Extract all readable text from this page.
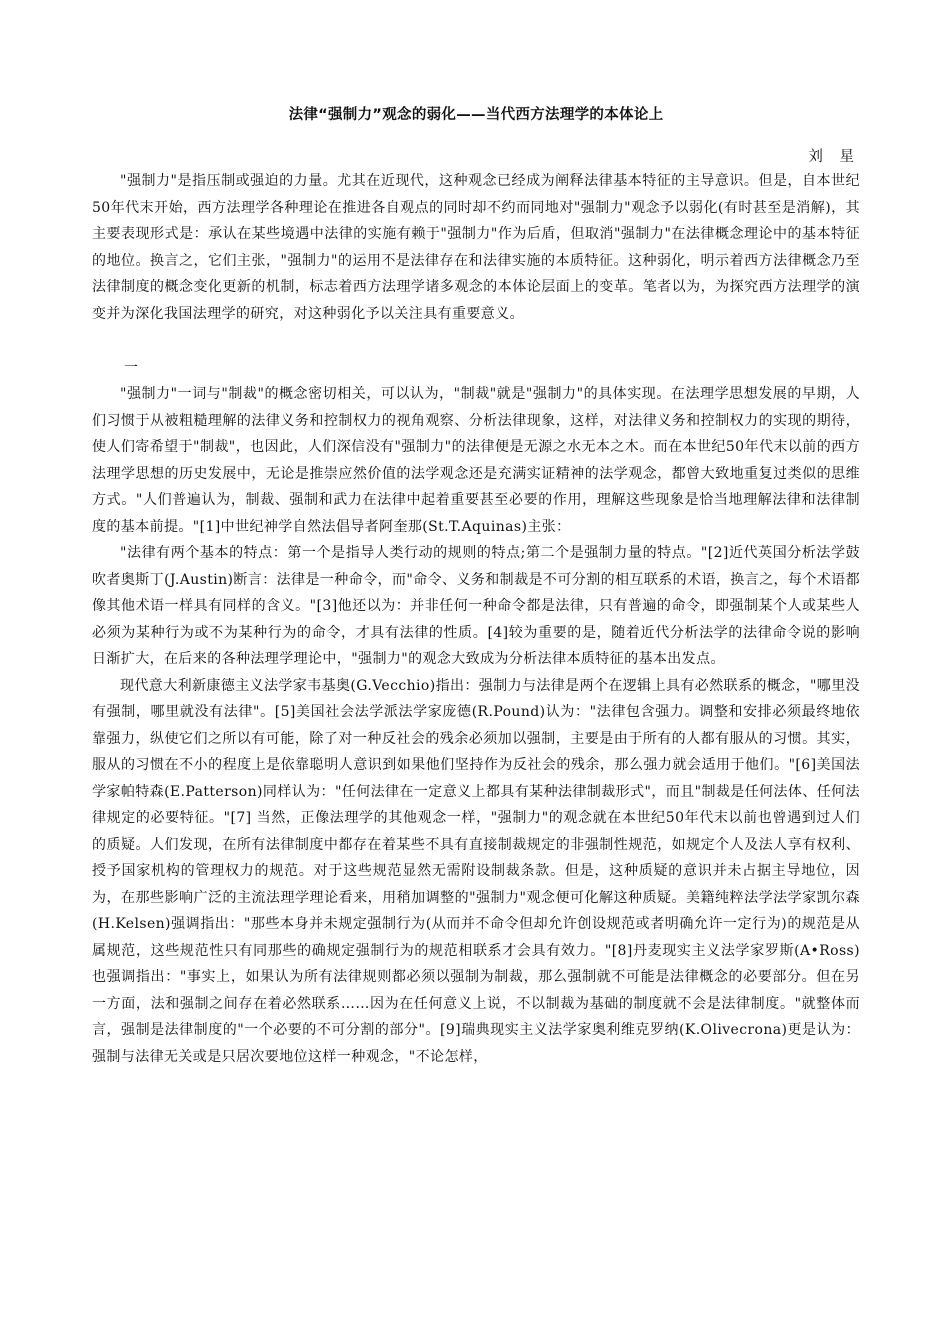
法律“强制力”观念的弱化——当代西方法理学的本体论上
刘 星

"强制力"是指压制或强迫的力量。尤其在近现代，这种观念已经成为阐释法律基本特征的主导意识。但是，自本世纪50年代末开始，西方法理学各种理论在推进各自观点的同时却不约而同地对"强制力"观念予以弱化(有时甚至是消解)，其主要表现形式是：承认在某些境遇中法律的实施有赖于"强制力"作为后盾，但取消"强制力"在法律概念理论中的基本特征的地位。换言之，它们主张，"强制力"的运用不是法律存在和法律实施的本质特征。这种弱化，明示着西方法律概念乃至法律制度的概念变化更新的机制，标志着西方法理学诸多观念的本体论层面上的变革。笔者以为，为探究西方法理学的演变并为深化我国法理学的研究，对这种弱化予以关注具有重要意义。

一

"强制力"一词与"制裁"的概念密切相关，可以认为，"制裁"就是"强制力"的具体实现。在法理学思想发展的早期，人们习惯于从被粗糙理解的法律义务和控制权力的视角观察、分析法律现象，这样，对法律义务和控制权力的实现的期待，使人们寄希望于"制裁"，也因此，人们深信没有"强制力"的法律便是无源之水无本之木。而在本世纪50年代末以前的西方法理学思想的历史发展中，无论是推崇应然价值的法学观念还是充满实证精神的法学观念，都曾大致地重复过类似的思维方式。"人们普遍认为，制裁、强制和武力在法律中起着重要甚至必要的作用，理解这些现象是恰当地理解法律和法律制度的基本前提。"[1]中世纪神学自然法倡导者阿奎那(St.T.Aquinas)主张：

"法律有两个基本的特点：第一个是指导人类行动的规则的特点;第二个是强制力量的特点。"[2]近代英国分析法学鼓吹者奥斯丁(J.Austin)断言：法律是一种命令，而"命令、义务和制裁是不可分割的相互联系的术语，换言之，每个术语都像其他术语一样具有同样的含义。"[3]他还以为：并非任何一种命令都是法律，只有普遍的命令，即强制某个人或某些人必须为某种行为或不为某种行为的命令，才具有法律的性质。[4]较为重要的是，随着近代分析法学的法律命令说的影响日渐扩大，在后来的各种法理学理论中，"强制力"的观念大致成为分析法律本质特征的基本出发点。

现代意大利新康德主义法学家韦基奥(G.Vecchio)指出：强制力与法律是两个在逻辑上具有必然联系的概念，"哪里没有强制，哪里就没有法律"。[5]美国社会法学派法学家庞德(R.Pound)认为："法律包含强力。调整和安排必须最终地依靠强力，纵使它们之所以有可能，除了对一种反社会的残余必须加以强制，主要是由于所有的人都有服从的习惯。其实，服从的习惯在不小的程度上是依靠聪明人意识到如果他们坚持作为反社会的残余，那么强力就会适用于他们。"[6]美国法学家帕特森(E.Patterson)同样认为："任何法律在一定意义上都具有某种法律制裁形式"，而且"制裁是任何法体、任何法律规定的必要特征。"[7] 当然，正像法理学的其他观念一样，"强制力"的观念就在本世纪50年代末以前也曾遇到过人们的质疑。人们发现，在所有法律制度中都存在着某些不具有直接制裁规定的非强制性规范，如规定个人及法人享有权利、授予国家机构的管理权力的规范。对于这些规范显然无需附设制裁条款。但是，这种质疑的意识并未占据主导地位，因为，在那些影响广泛的主流法理学理论看来，用稍加调整的"强制力"观念便可化解这种质疑。美籍纯粹法学法学家凯尔森(H.Kelsen)强调指出："那些本身并未规定强制行为(从而并不命令但却允许创设规范或者明确允许一定行为)的规范是从属规范，这些规范性只有同那些的确规定强制行为的规范相联系才会具有效力。"[8]丹麦现实主义法学家罗斯(A•Ross)也强调指出："事实上，如果认为所有法律规则都必须以强制为制裁，那么强制就不可能是法律概念的必要部分。但在另一方面，法和强制之间存在着必然联系……因为在任何意义上说，不以制裁为基础的制度就不会是法律制度。"就整体而言，强制是法律制度的"一个必要的不可分割的部分"。[9]瑞典现实主义法学家奥利维克罗纳(K.Olivecrona)更是认为：强制与法律无关或是只居次要地位这样一种观念，"不论怎样，
